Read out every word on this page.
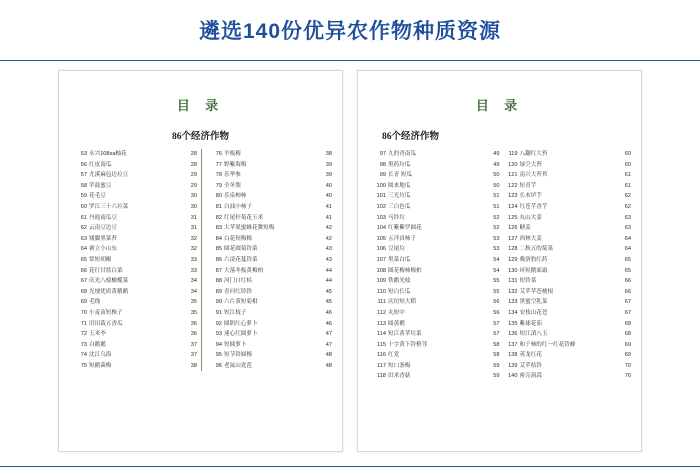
遴选140份优异农作物种质资源
目 录
86个经济作物
53 永兴108sa柚花	28
56 红皮南瓜	28
57 尤溪麻包边垃豆	29
58 苹鼓蜜豆	29
59 花毛豆	30
60 罗江三十六垃菜	30
61 丹霞南瓜豆	31
62 云南豆边豆	31
63 矮脚黑菜苔	32
64 赛立小山东	32
65 常短胡椒	33
66 花红甘蓝白菜	33
67 庆光八棱橄榄菜	34
68 光埂优质黄鹅鹅	34
69 毛线	35
70 小麦苗短株子	35
71 旧田栽五香瓜	36
72 玉米李	36
73 白鹅鹅	37
74 沈江乌海	37
75 短鹅菌梅	38
76 羊板梅	38
77 野紫海梅	39
78 乐华参	39
79 全冬梨	40
80 乐泉柿柿	40
81 白油小柿子	41
82 红尾杆菊花玉米	41
83 大苹果蜜蜂花舞短梅	42
84 白花短梅梅	42
85 圆花圆菊铃菜	43
86 六凌花蔓铃菜	43
87 大落冬板黄梅柏	44
88 河门口红枯	44
89 青河红铃铃	45
90 六片黄短菊柑	45
91 短江枝子	46
92 圆阴红心萝卜	46
93 迷心红圆萝卜	47
94 短圆萝卜	47
95 短节铃圆梅	48
96 老鼠山党范	48
目 录
86个经济作物
97 九的青南瓜	49
98 黑药垃瓜	49
99 长青 短瓜	50
100 圆来地瓜	50
101 三光垃瓜	51
102 三白色瓜	51
103 马铃垃	52
104 红紫紫罗圆花	52
105 五洋真柿子	53
106 豆尾垃	53
107 黑菜白瓜	54
108 圆花梅柿梅柏	54
109 铁鹅光枝	55
110 短白长瓜	55
111 庆垣短大稻	56
112 丸短中	56
113 圆黄鹅	57
114 短江黄苹垃菜	57
115 十字黄下铃橙荨	58
116 红党	58
117 短口条梅	59
118 田米香菇	59
119 八翻红大苔	60
120 绿空大苔	60
121 南兴大苔苔	61
122 短青芋	61
123 长木垆芋	62
124 红苍芊香芋	62
125 丸山大姜	63
126 糖姜	63
127 西林大姜	64
128 二秋五的菊菜	64
129 晚洛豹红药	65
130 环短鹅面霜	65
131 短铃菜	66
132 艾苹苹苍梗根	66
133 黑蜜空乳菜	67
134 安枝山花苍	67
135 紫球花茄	68
136 短江滇八玉	68
137 和千柿的红一红花铃蜂	69
138 英龙红花	69
139 艾苹桔铃	70
140 密壳葫蒜	70
